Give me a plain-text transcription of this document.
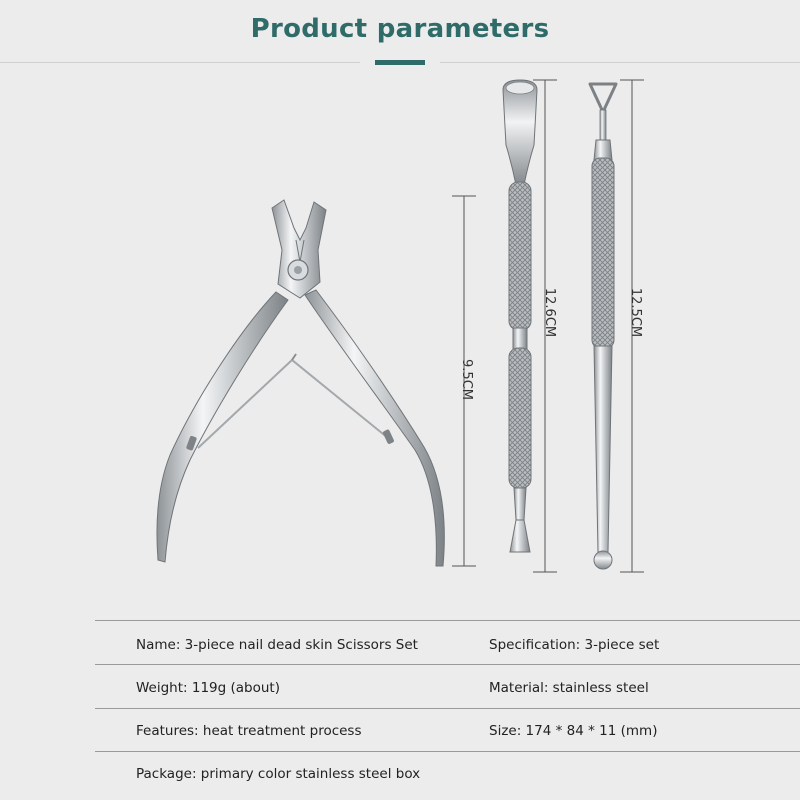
Product parameters
9.5CM
12.6CM	12.5CM
Name: 3-piece nail dead skin Scissors Set	Specification: 3-piece set
Weight: 119g (about)	Material: stainless steel
Features: heat treatment process	Size: 174 * 84 * 11 (mm)
Package: primary color stainless steel box
